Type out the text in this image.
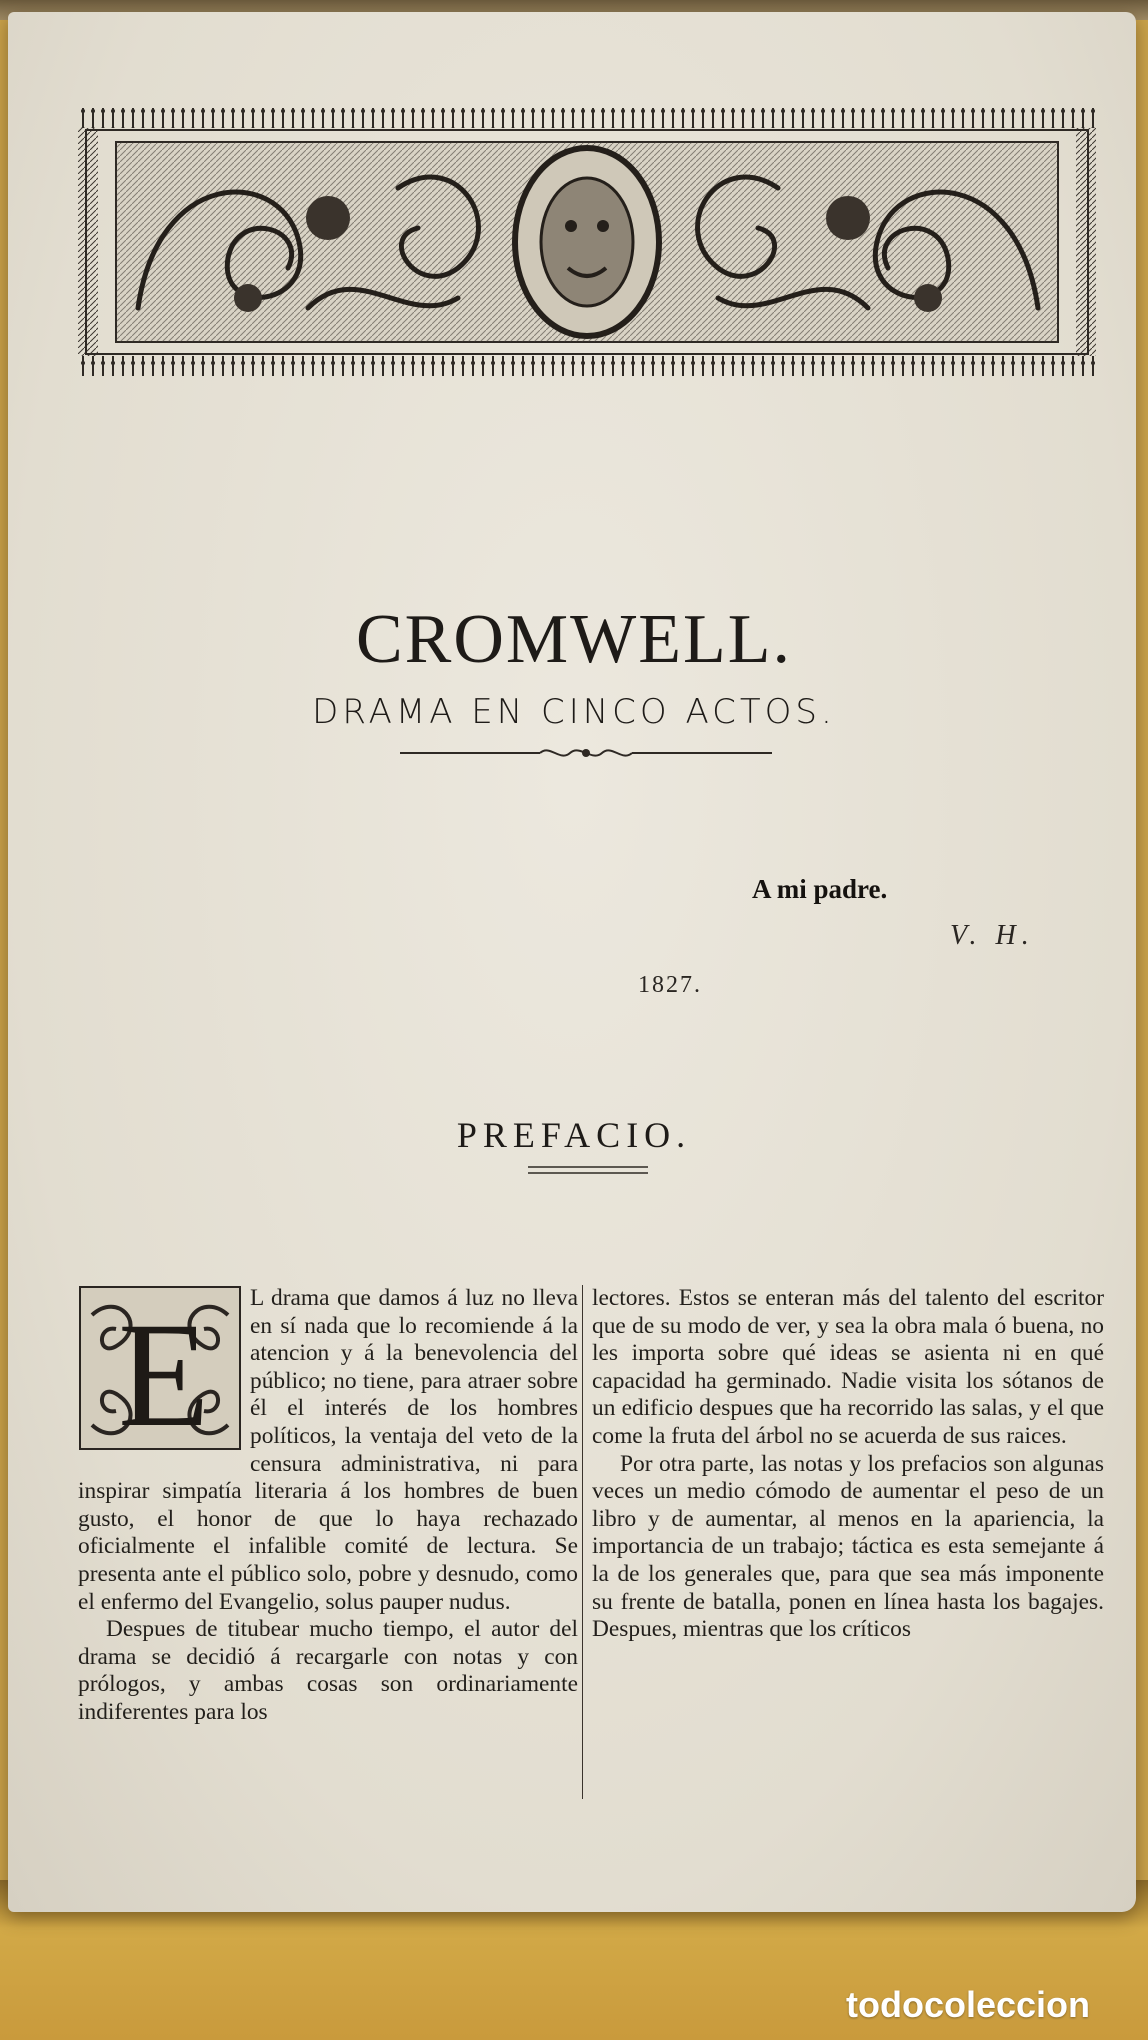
CROMWELL.
DRAMA EN CINCO ACTOS.
A mi padre.
V. H.
1827.
PREFACIO.
E	L drama que damos á luz no lleva en sí nada que lo recomiende á la atencion y á la benevolencia del público; no tiene, para atraer sobre él el interés de los hombres políticos, la ventaja del veto de la censura administrativa, ni para inspirar simpatía literaria á los hombres de buen gusto, el honor de que lo haya rechazado oficialmente el infalible comité de lectura. Se presenta ante el público solo, pobre y desnudo, como el enfermo del Evangelio, solus pauper nudus.

Despues de titubear mucho tiempo, el autor del drama se decidió á recargarle con notas y con prólogos, y ambas cosas son ordinariamente indiferentes para los

lectores. Estos se enteran más del talento del escritor que de su modo de ver, y sea la obra mala ó buena, no les importa sobre qué ideas se asienta ni en qué capacidad ha germinado. Nadie visita los sótanos de un edificio despues que ha recorrido las salas, y el que come la fruta del árbol no se acuerda de sus raices.

Por otra parte, las notas y los prefacios son algunas veces un medio cómodo de aumentar el peso de un libro y de aumentar, al menos en la apariencia, la importancia de un trabajo; táctica es esta semejante á la de los generales que, para que sea más imponente su frente de batalla, ponen en línea hasta los bagajes. Despues, mientras que los críticos

todocoleccion
